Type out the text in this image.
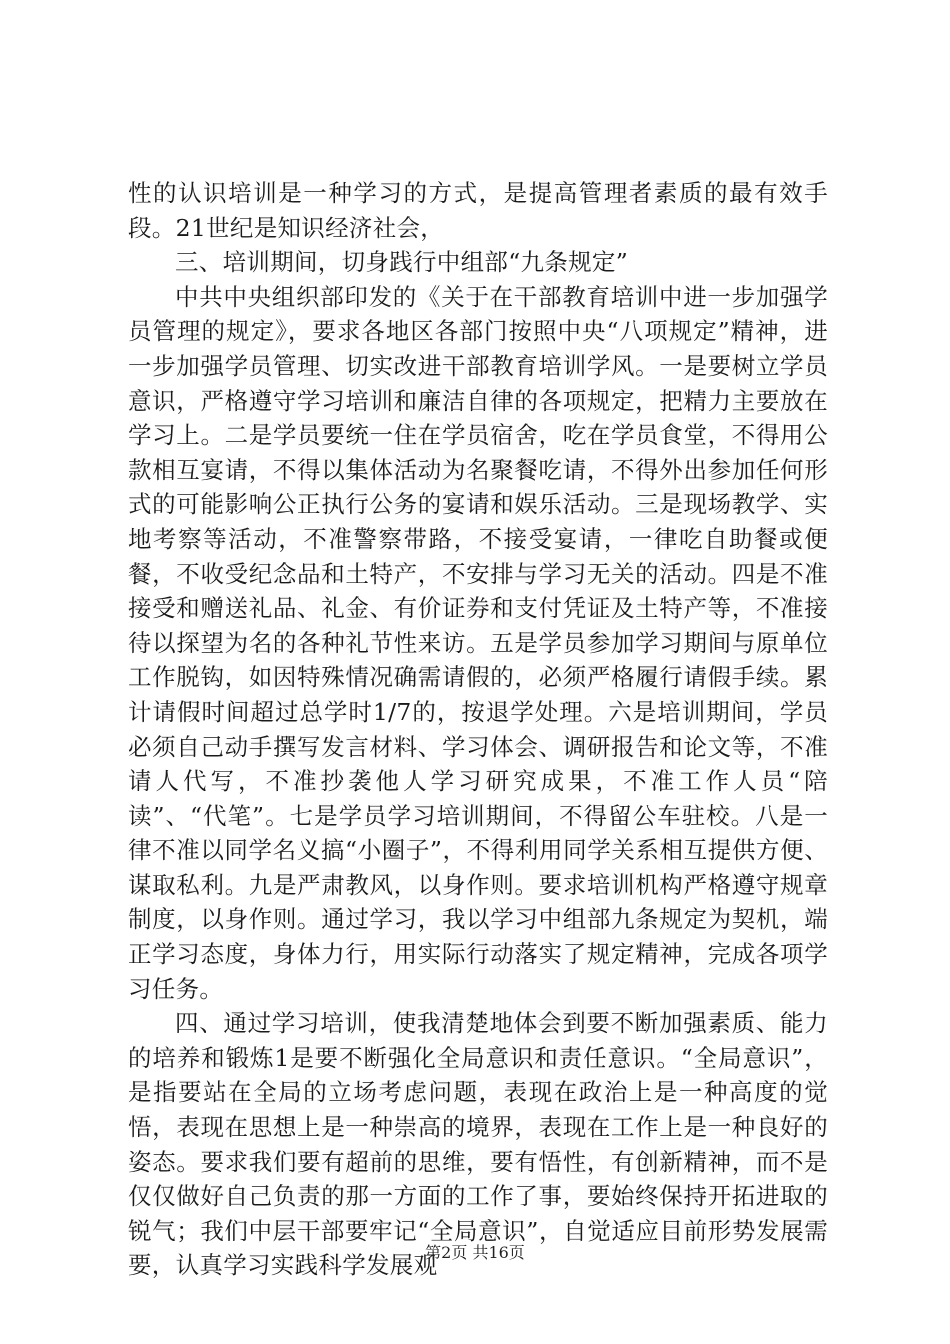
性的认识培训是一种学习的方式，是提高管理者素质的最有效手段。21世纪是知识经济社会，

三、培训期间，切身践行中组部“九条规定”

中共中央组织部印发的《关于在干部教育培训中进一步加强学员管理的规定》，要求各地区各部门按照中央“八项规定”精神，进一步加强学员管理、切实改进干部教育培训学风。一是要树立学员意识，严格遵守学习培训和廉洁自律的各项规定，把精力主要放在学习上。二是学员要统一住在学员宿舍，吃在学员食堂，不得用公款相互宴请，不得以集体活动为名聚餐吃请，不得外出参加任何形式的可能影响公正执行公务的宴请和娱乐活动。三是现场教学、实地考察等活动，不准警察带路，不接受宴请，一律吃自助餐或便餐，不收受纪念品和土特产，不安排与学习无关的活动。四是不准接受和赠送礼品、礼金、有价证券和支付凭证及土特产等，不准接待以探望为名的各种礼节性来访。五是学员参加学习期间与原单位工作脱钩，如因特殊情况确需请假的，必须严格履行请假手续。累计请假时间超过总学时1/7的，按退学处理。六是培训期间，学员必须自己动手撰写发言材料、学习体会、调研报告和论文等，不准请人代写，不准抄袭他人学习研究成果，不准工作人员“陪读”、“代笔”。七是学员学习培训期间，不得留公车驻校。八是一律不准以同学名义搞“小圈子”，不得利用同学关系相互提供方便、谋取私利。九是严肃教风，以身作则。要求培训机构严格遵守规章制度，以身作则。通过学习，我以学习中组部九条规定为契机，端正学习态度，身体力行，用实际行动落实了规定精神，完成各项学习任务。

四、通过学习培训，使我清楚地体会到要不断加强素质、能力的培养和锻炼1是要不断强化全局意识和责任意识。“全局意识”，是指要站在全局的立场考虑问题，表现在政治上是一种高度的觉悟，表现在思想上是一种崇高的境界，表现在工作上是一种良好的姿态。要求我们要有超前的思维，要有悟性，有创新精神，而不是仅仅做好自己负责的那一方面的工作了事，要始终保持开拓进取的锐气；我们中层干部要牢记“全局意识”，自觉适应目前形势发展需要，认真学习实践科学发展观

第2页 共16页
